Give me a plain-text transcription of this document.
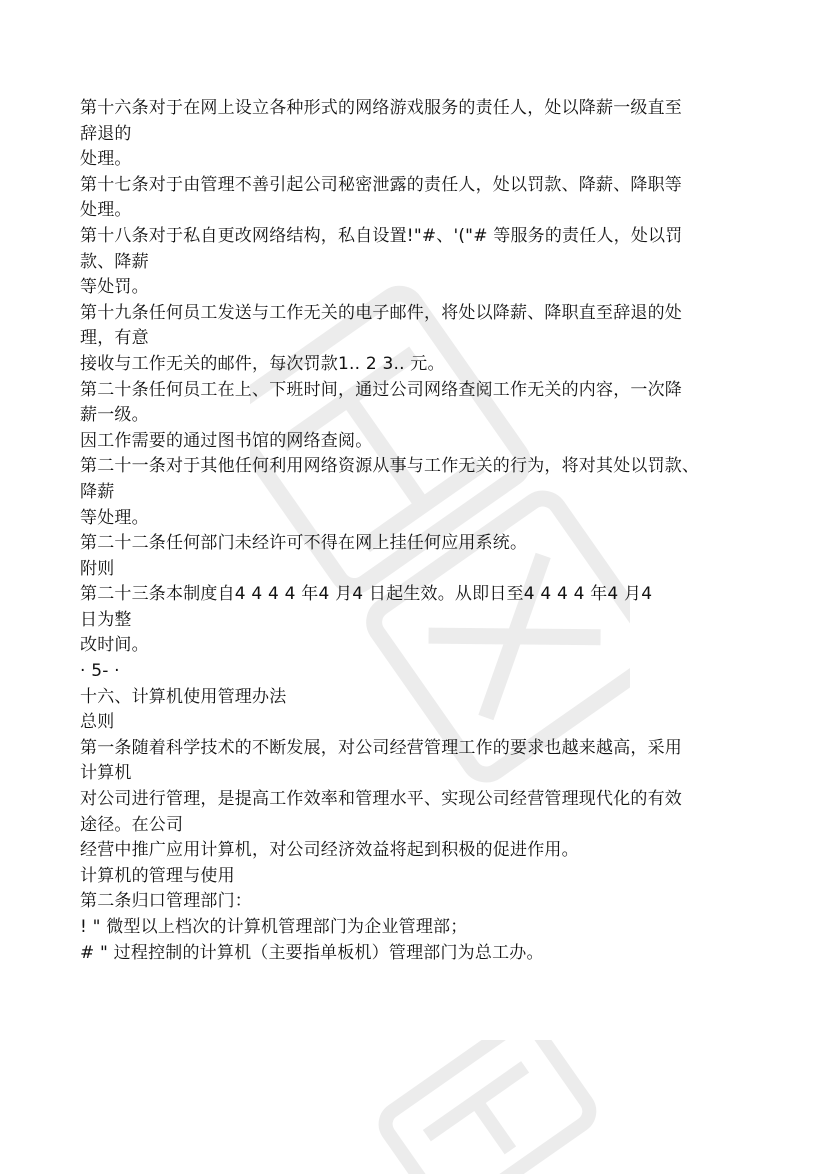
第十六条对于在网上设立各种形式的网络游戏服务的责任人，处以降薪一级直至
辞退的
处理。
第十七条对于由管理不善引起公司秘密泄露的责任人，处以罚款、降薪、降职等
处理。
第十八条对于私自更改网络结构，私自设置!"#、'("# 等服务的责任人，处以罚
款、降薪
等处罚。
第十九条任何员工发送与工作无关的电子邮件，将处以降薪、降职直至辞退的处
理，有意
接收与工作无关的邮件，每次罚款1.. 2 3.. 元。
第二十条任何员工在上、下班时间，通过公司网络查阅工作无关的内容，一次降
薪一级。
因工作需要的通过图书馆的网络查阅。
第二十一条对于其他任何利用网络资源从事与工作无关的行为，将对其处以罚款、
降薪
等处理。
第二十二条任何部门未经许可不得在网上挂任何应用系统。
附则
第二十三条本制度自4 4 4 4 年4 月4 日起生效。从即日至4 4 4 4 年4 月4
日为整
改时间。
· 5- ·
十六、计算机使用管理办法
总则
第一条随着科学技术的不断发展，对公司经营管理工作的要求也越来越高，采用
计算机
对公司进行管理，是提高工作效率和管理水平、实现公司经营管理现代化的有效
途径。在公司
经营中推广应用计算机，对公司经济效益将起到积极的促进作用。
计算机的管理与使用
第二条归口管理部门：
! " 微型以上档次的计算机管理部门为企业管理部；
# " 过程控制的计算机（主要指单板机）管理部门为总工办。
